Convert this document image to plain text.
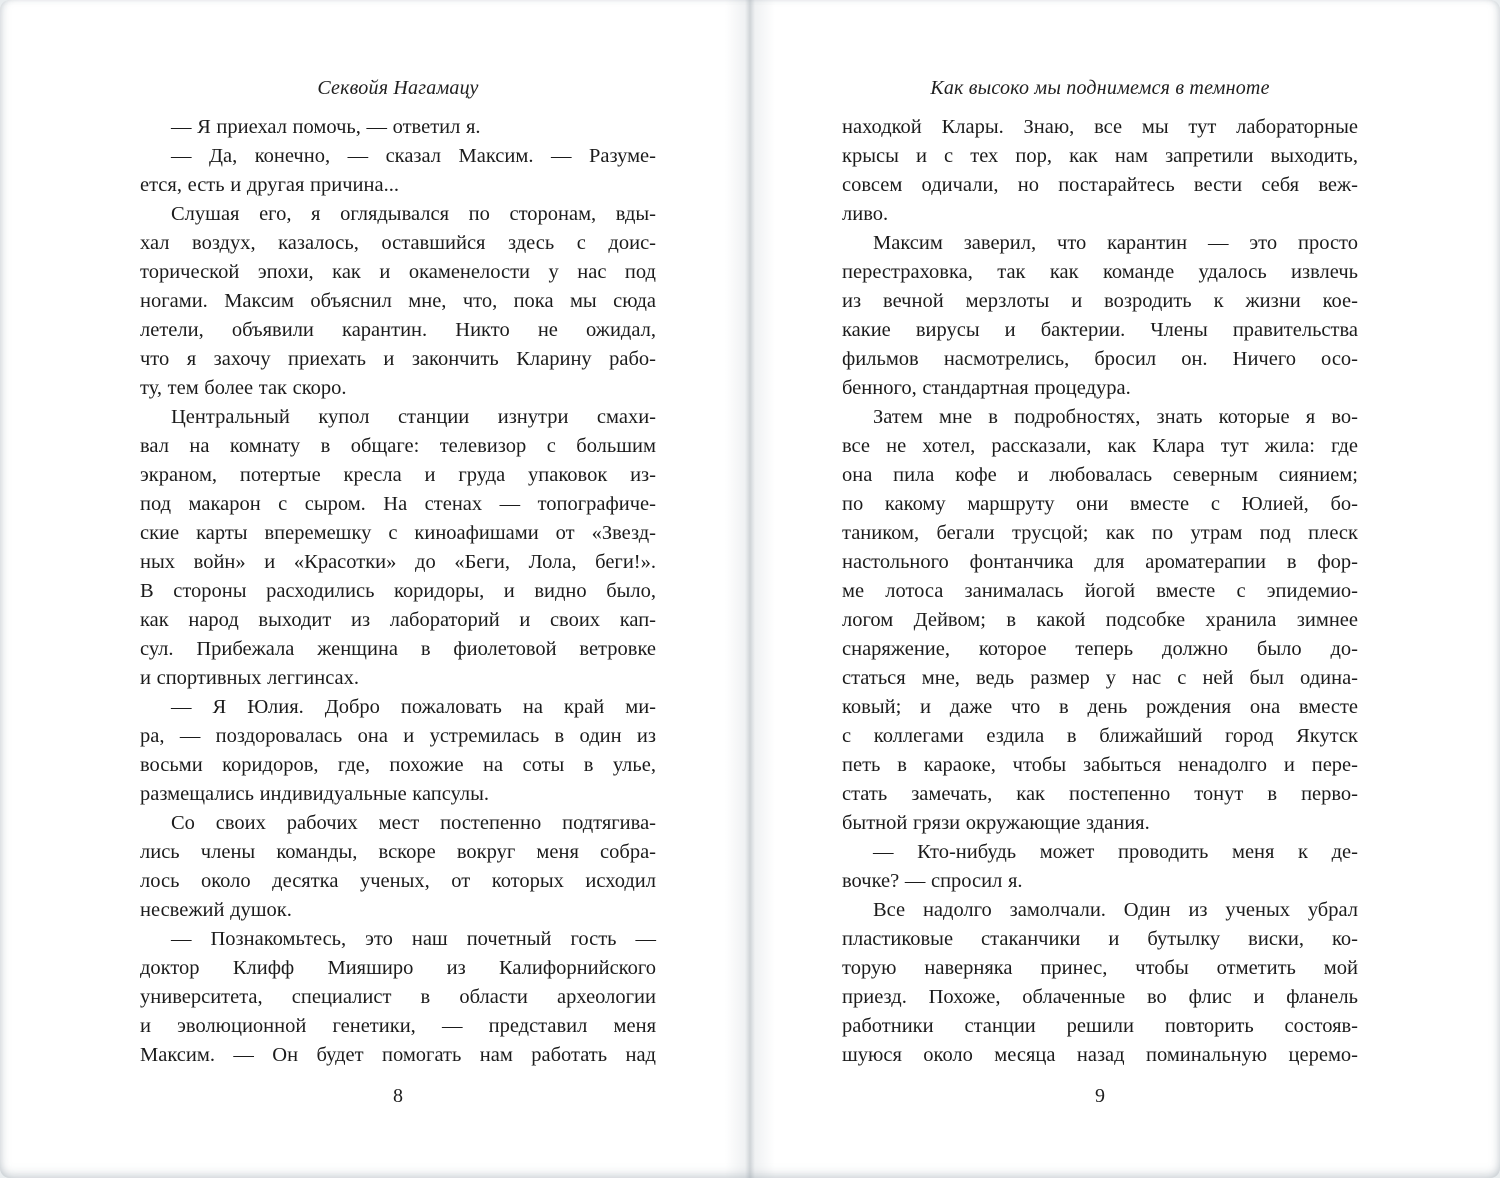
Секвойя Нагамацу
— Я приехал помочь, — ответил я.
— Да, конечно, — сказал Максим. — Разуме-
ется, есть и другая причина...
Слушая его, я оглядывался по сторонам, вды-
хал воздух, казалось, оставшийся здесь с доис-
торической эпохи, как и окаменелости у нас под
ногами. Максим объяснил мне, что, пока мы сюда
летели, объявили карантин. Никто не ожидал,
что я захочу приехать и закончить Кларину рабо-
ту, тем более так скоро.
Центральный купол станции изнутри смахи-
вал на комнату в общаге: телевизор с большим
экраном, потертые кресла и груда упаковок из-
под макарон с сыром. На стенах — топографиче-
ские карты вперемешку с киноафишами от «Звезд-
ных войн» и «Красотки» до «Беги, Лола, беги!».
В стороны расходились коридоры, и видно было,
как народ выходит из лабораторий и своих кап-
сул. Прибежала женщина в фиолетовой ветровке
и спортивных леггинсах.
— Я Юлия. Добро пожаловать на край ми-
ра, — поздоровалась она и устремилась в один из
восьми коридоров, где, похожие на соты в улье,
размещались индивидуальные капсулы.
Со своих рабочих мест постепенно подтягива-
лись члены команды, вскоре вокруг меня собра-
лось около десятка ученых, от которых исходил
несвежий душок.
— Познакомьтесь, это наш почетный гость —
доктор Клифф Мияширо из Калифорнийского
университета, специалист в области археологии
и эволюционной генетики, — представил меня
Максим. — Он будет помогать нам работать над
8
Как высоко мы поднимемся в темноте
находкой Клары. Знаю, все мы тут лабораторные
крысы и с тех пор, как нам запретили выходить,
совсем одичали, но постарайтесь вести себя веж-
ливо.
Максим заверил, что карантин — это просто
перестраховка, так как команде удалось извлечь
из вечной мерзлоты и возродить к жизни кое-
какие вирусы и бактерии. Члены правительства
фильмов насмотрелись, бросил он. Ничего осо-
бенного, стандартная процедура.
Затем мне в подробностях, знать которые я во-
все не хотел, рассказали, как Клара тут жила: где
она пила кофе и любовалась северным сиянием;
по какому маршруту они вместе с Юлией, бо-
таником, бегали трусцой; как по утрам под плеск
настольного фонтанчика для ароматерапии в фор-
ме лотоса занималась йогой вместе с эпидемио-
логом Дейвом; в какой подсобке хранила зимнее
снаряжение, которое теперь должно было до-
статься мне, ведь размер у нас с ней был одина-
ковый; и даже что в день рождения она вместе
с коллегами ездила в ближайший город Якутск
петь в караоке, чтобы забыться ненадолго и пере-
стать замечать, как постепенно тонут в перво-
бытной грязи окружающие здания.
— Кто-нибудь может проводить меня к де-
вочке? — спросил я.
Все надолго замолчали. Один из ученых убрал
пластиковые стаканчики и бутылку виски, ко-
торую наверняка принес, чтобы отметить мой
приезд. Похоже, облаченные во флис и фланель
работники станции решили повторить состояв-
шуюся около месяца назад поминальную церемо-
9
